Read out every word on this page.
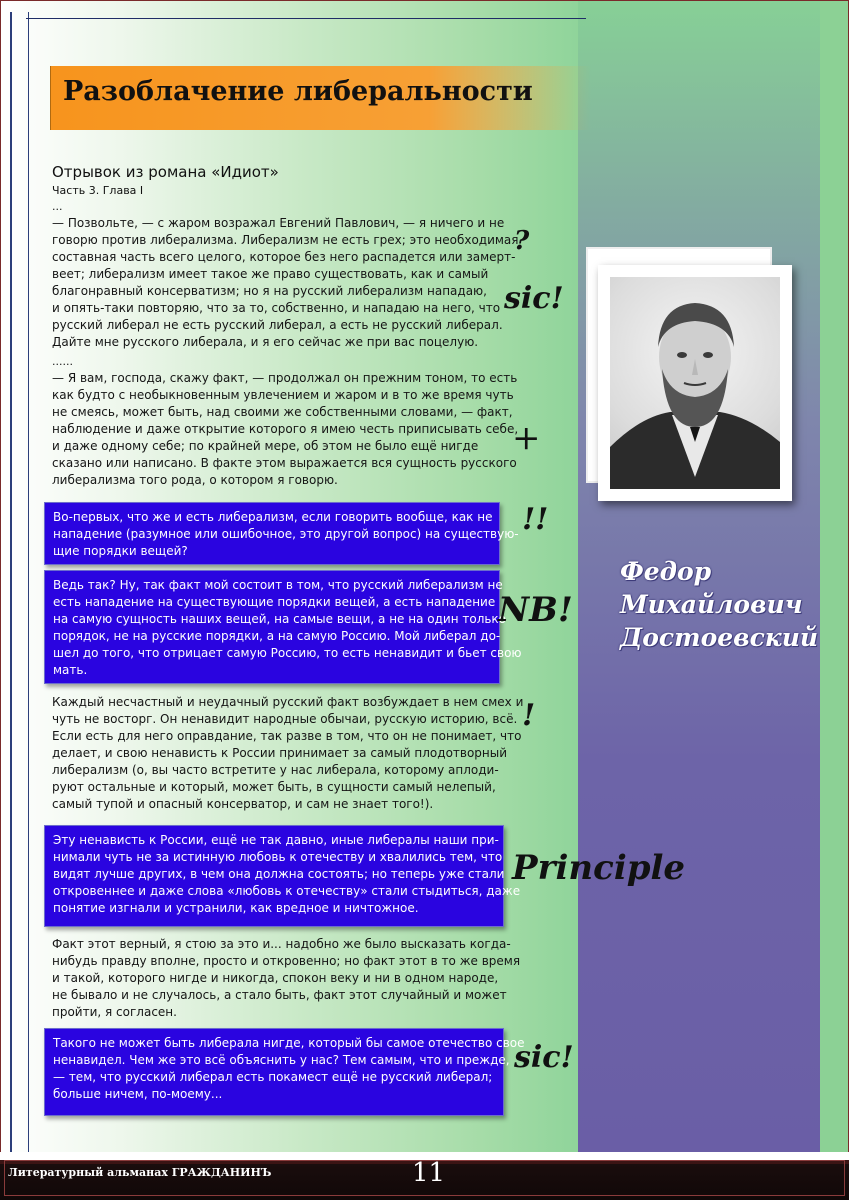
Разоблачение либеральности
Отрывок из романа «Идиот»
Часть 3. Глава I
...
— Позвольте, — с жаром возражал Евгений Павлович, — я ничего и не
говорю против либерализма. Либерализм не есть грех; это необходимая
составная часть всего целого, которое без него распадется или замерт-
веет; либерализм имеет такое же право существовать, как и самый
благонравный консерватизм; но я на русский либерализм нападаю,
и опять-таки повторяю, что за то, собственно, и нападаю на него, что
русский либерал не есть русский либерал, а есть не русский либерал.
Дайте мне русского либерала, и я его сейчас же при вас поцелую.
......
— Я вам, господа, скажу факт, — продолжал он прежним тоном, то есть
как будто с необыкновенным увлечением и жаром и в то же время чуть
не смеясь, может быть, над своими же собственными словами, — факт,
наблюдение и даже открытие которого я имею честь приписывать себе,
и даже одному себе; по крайней мере, об этом не было ещё нигде
сказано или написано. В факте этом выражается вся сущность русского
либерализма того рода, о котором я говорю.
Во-первых, что же и есть либерализм, если говорить вообще, как не
нападение (разумное или ошибочное, это другой вопрос) на существую-
щие порядки вещей?
Ведь так? Ну, так факт мой состоит в том, что русский либерализм не
есть нападение на существующие порядки вещей, а есть нападение
на самую сущность наших вещей, на самые вещи, а не на один только
порядок, не на русские порядки, а на самую Россию. Мой либерал до-
шел до того, что отрицает самую Россию, то есть ненавидит и бьет свою
мать.
Каждый несчастный и неудачный русский факт возбуждает в нем смех и
чуть не восторг. Он ненавидит народные обычаи, русскую историю, всё.
Если есть для него оправдание, так разве в том, что он не понимает, что
делает, и свою ненависть к России принимает за самый плодотворный
либерализм (о, вы часто встретите у нас либерала, которому аплоди-
руют остальные и который, может быть, в сущности самый нелепый,
самый тупой и опасный консерватор, и сам не знает того!).
Эту ненависть к России, ещё не так давно, иные либералы наши при-
нимали чуть не за истинную любовь к отечеству и хвалились тем, что
видят лучше других, в чем она должна состоять; но теперь уже стали
откровеннее и даже слова «любовь к отечеству» стали стыдиться, даже
понятие изгнали и устранили, как вредное и ничтожное.
Факт этот верный, я стою за это и... надобно же было высказать когда-
нибудь правду вполне, просто и откровенно; но факт этот в то же время
и такой, которого нигде и никогда, спокон веку и ни в одном народе,
не бывало и не случалось, а стало быть, факт этот случайный и может
пройти, я согласен.
Такого не может быть либерала нигде, который бы самое отечество свое
ненавидел. Чем же это всё объяснить у нас? Тем самым, что и прежде,
— тем, что русский либерал есть покамест ещё не русский либерал;
больше ничем, по-моему...
?
sic!
+
!!
NB!
!
Principle
sic!
Федор
Михайлович
Достоевский
Литературный альманах ГРАЖДАНИНЪ	11
